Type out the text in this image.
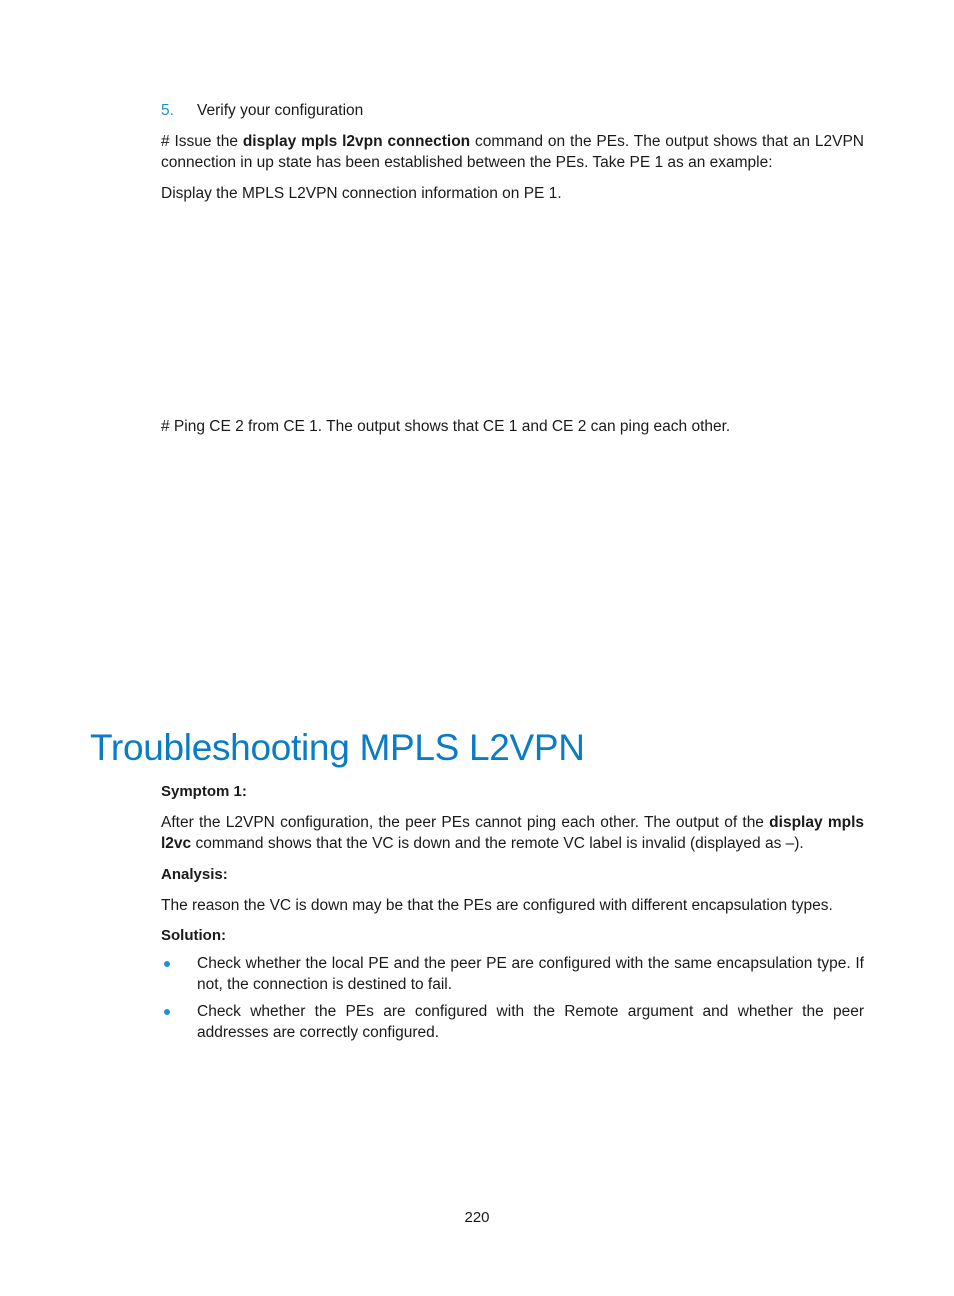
5. Verify your configuration
# Issue the display mpls l2vpn connection command on the PEs. The output shows that an L2VPN connection in up state has been established between the PEs. Take PE 1 as an example:
Display the MPLS L2VPN connection information on PE 1.
# Ping CE 2 from CE 1. The output shows that CE 1 and CE 2 can ping each other.
Troubleshooting MPLS L2VPN
Symptom 1:
After the L2VPN configuration, the peer PEs cannot ping each other. The output of the display mpls l2vc command shows that the VC is down and the remote VC label is invalid (displayed as –).
Analysis:
The reason the VC is down may be that the PEs are configured with different encapsulation types.
Solution:
Check whether the local PE and the peer PE are configured with the same encapsulation type. If not, the connection is destined to fail.
Check whether the PEs are configured with the Remote argument and whether the peer addresses are correctly configured.
220
